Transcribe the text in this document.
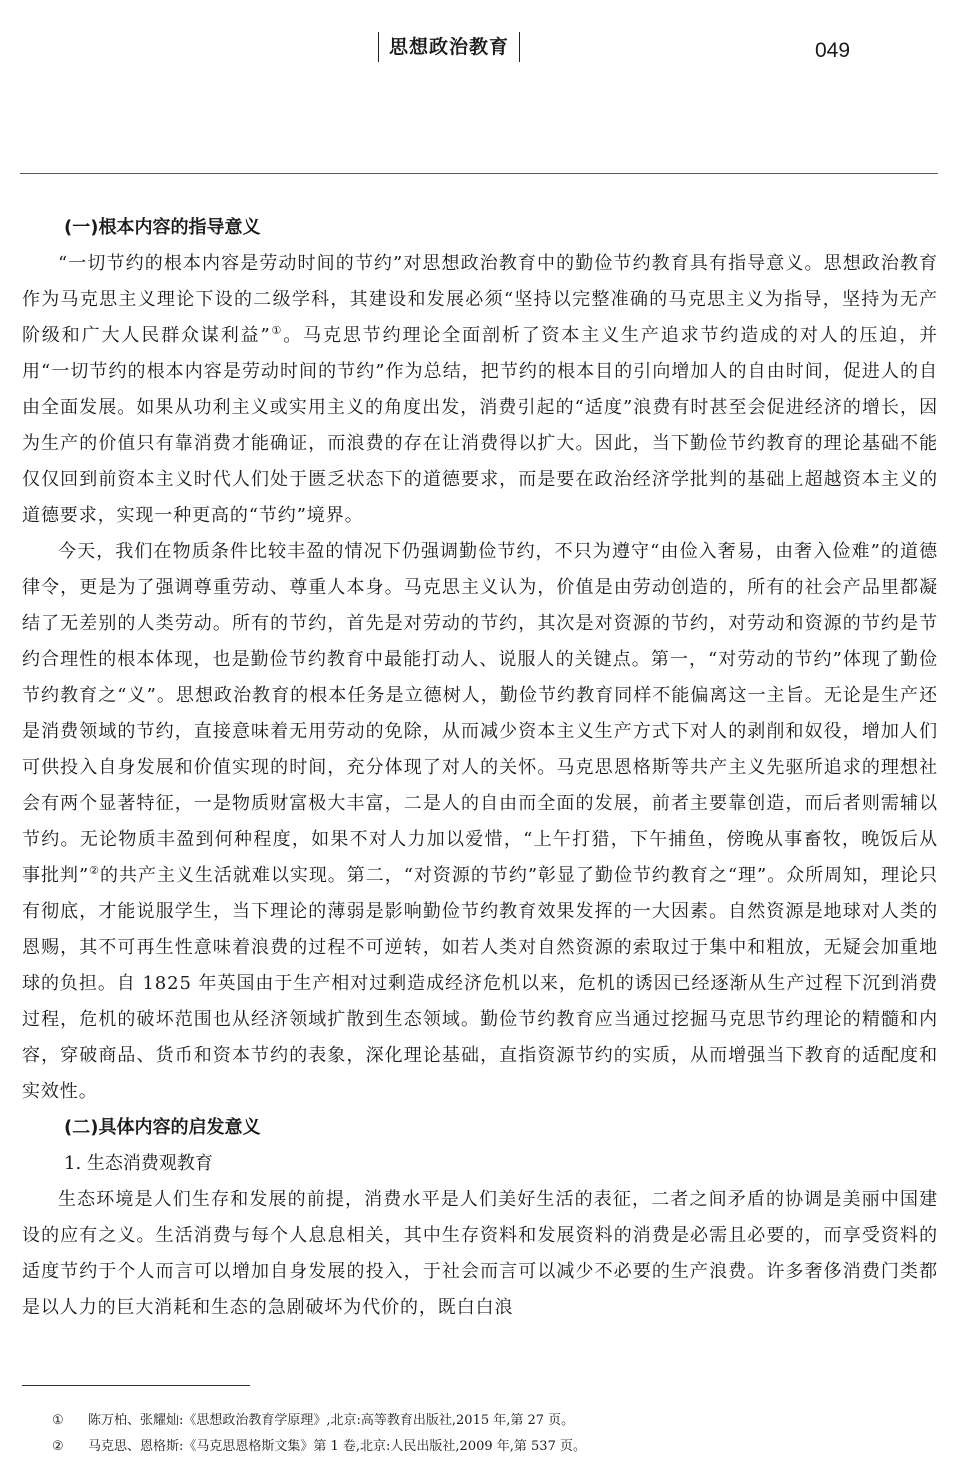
思想政治教育	049
(一)根本内容的指导意义

“一切节约的根本内容是劳动时间的节约”对思想政治教育中的勤俭节约教育具有指导意义。思想政治教育作为马克思主义理论下设的二级学科，其建设和发展必须“坚持以完整准确的马克思主义为指导，坚持为无产阶级和广大人民群众谋利益”①。马克思节约理论全面剖析了资本主义生产追求节约造成的对人的压迫，并用“一切节约的根本内容是劳动时间的节约”作为总结，把节约的根本目的引向增加人的自由时间，促进人的自由全面发展。如果从功利主义或实用主义的角度出发，消费引起的“适度”浪费有时甚至会促进经济的增长，因为生产的价值只有靠消费才能确证，而浪费的存在让消费得以扩大。因此，当下勤俭节约教育的理论基础不能仅仅回到前资本主义时代人们处于匮乏状态下的道德要求，而是要在政治经济学批判的基础上超越资本主义的道德要求，实现一种更高的“节约”境界。

今天，我们在物质条件比较丰盈的情况下仍强调勤俭节约，不只为遵守“由俭入奢易，由奢入俭难”的道德律令，更是为了强调尊重劳动、尊重人本身。马克思主义认为，价值是由劳动创造的，所有的社会产品里都凝结了无差别的人类劳动。所有的节约，首先是对劳动的节约，其次是对资源的节约，对劳动和资源的节约是节约合理性的根本体现，也是勤俭节约教育中最能打动人、说服人的关键点。第一，“对劳动的节约”体现了勤俭节约教育之“义”。思想政治教育的根本任务是立德树人，勤俭节约教育同样不能偏离这一主旨。无论是生产还是消费领域的节约，直接意味着无用劳动的免除，从而减少资本主义生产方式下对人的剥削和奴役，增加人们可供投入自身发展和价值实现的时间，充分体现了对人的关怀。马克思恩格斯等共产主义先驱所追求的理想社会有两个显著特征，一是物质财富极大丰富，二是人的自由而全面的发展，前者主要靠创造，而后者则需辅以节约。无论物质丰盈到何种程度，如果不对人力加以爱惜，“上午打猎，下午捕鱼，傍晚从事畜牧，晚饭后从事批判”②的共产主义生活就难以实现。第二，“对资源的节约”彰显了勤俭节约教育之“理”。众所周知，理论只有彻底，才能说服学生，当下理论的薄弱是影响勤俭节约教育效果发挥的一大因素。自然资源是地球对人类的恩赐，其不可再生性意味着浪费的过程不可逆转，如若人类对自然资源的索取过于集中和粗放，无疑会加重地球的负担。自 1825 年英国由于生产相对过剩造成经济危机以来，危机的诱因已经逐渐从生产过程下沉到消费过程，危机的破坏范围也从经济领域扩散到生态领域。勤俭节约教育应当通过挖掘马克思节约理论的精髓和内容，穿破商品、货币和资本节约的表象，深化理论基础，直指资源节约的实质，从而增强当下教育的适配度和实效性。

(二)具体内容的启发意义
1. 生态消费观教育

生态环境是人们生存和发展的前提，消费水平是人们美好生活的表征，二者之间矛盾的协调是美丽中国建设的应有之义。生活消费与每个人息息相关，其中生存资料和发展资料的消费是必需且必要的，而享受资料的适度节约于个人而言可以增加自身发展的投入，于社会而言可以减少不必要的生产浪费。许多奢侈消费门类都是以人力的巨大消耗和生态的急剧破坏为代价的，既白白浪

① 陈万柏、张耀灿:《思想政治教育学原理》,北京:高等教育出版社,2015 年,第 27 页。
② 马克思、恩格斯:《马克思恩格斯文集》第 1 卷,北京:人民出版社,2009 年,第 537 页。
